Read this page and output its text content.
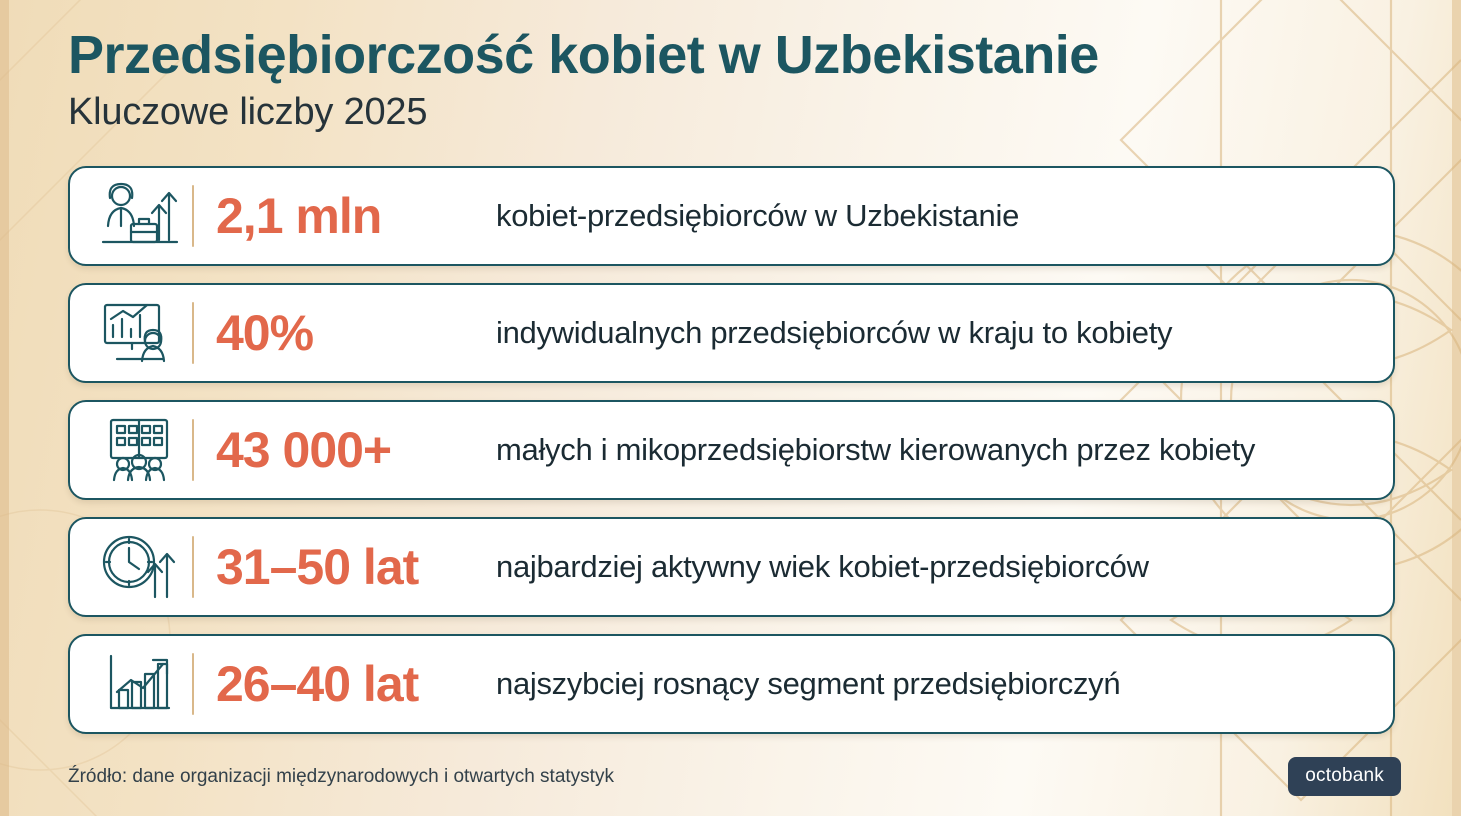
Przedsiębiorczość kobiet w Uzbekistanie
Kluczowe liczby 2025
2,1 mln	kobiet-przedsiębiorców w Uzbekistanie
40%	indywidualnych przedsiębiorców w kraju to kobiety
43 000+	małych i mikoprzedsiębiorstw kierowanych przez kobiety
31–50 lat	najbardziej aktywny wiek kobiet-przedsiębiorców
26–40 lat	najszybciej rosnący segment przedsiębiorczyń
Źródło: dane organizacji międzynarodowych i otwartych statystyk	octobank
